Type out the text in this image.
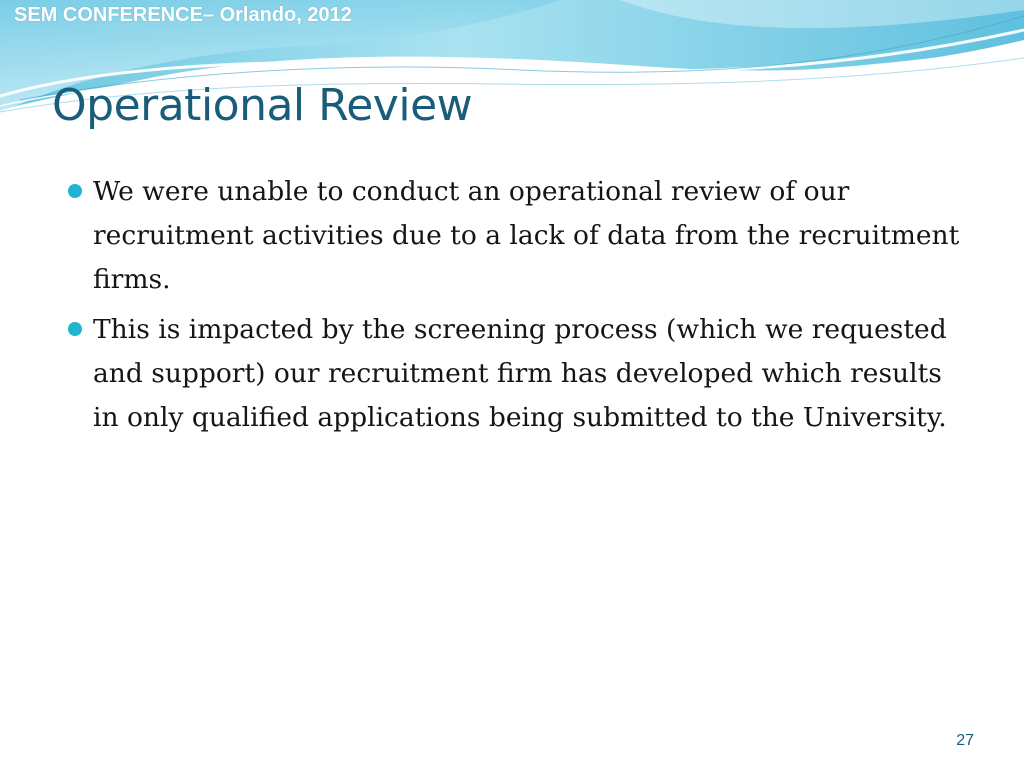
SEM CONFERENCE– Orlando, 2012
Operational Review
We were unable to conduct an operational review of our recruitment activities due to a lack of data from the recruitment firms.
This is impacted by the screening process (which we requested and support) our recruitment firm has developed which results in only qualified applications being submitted to the University.
27
